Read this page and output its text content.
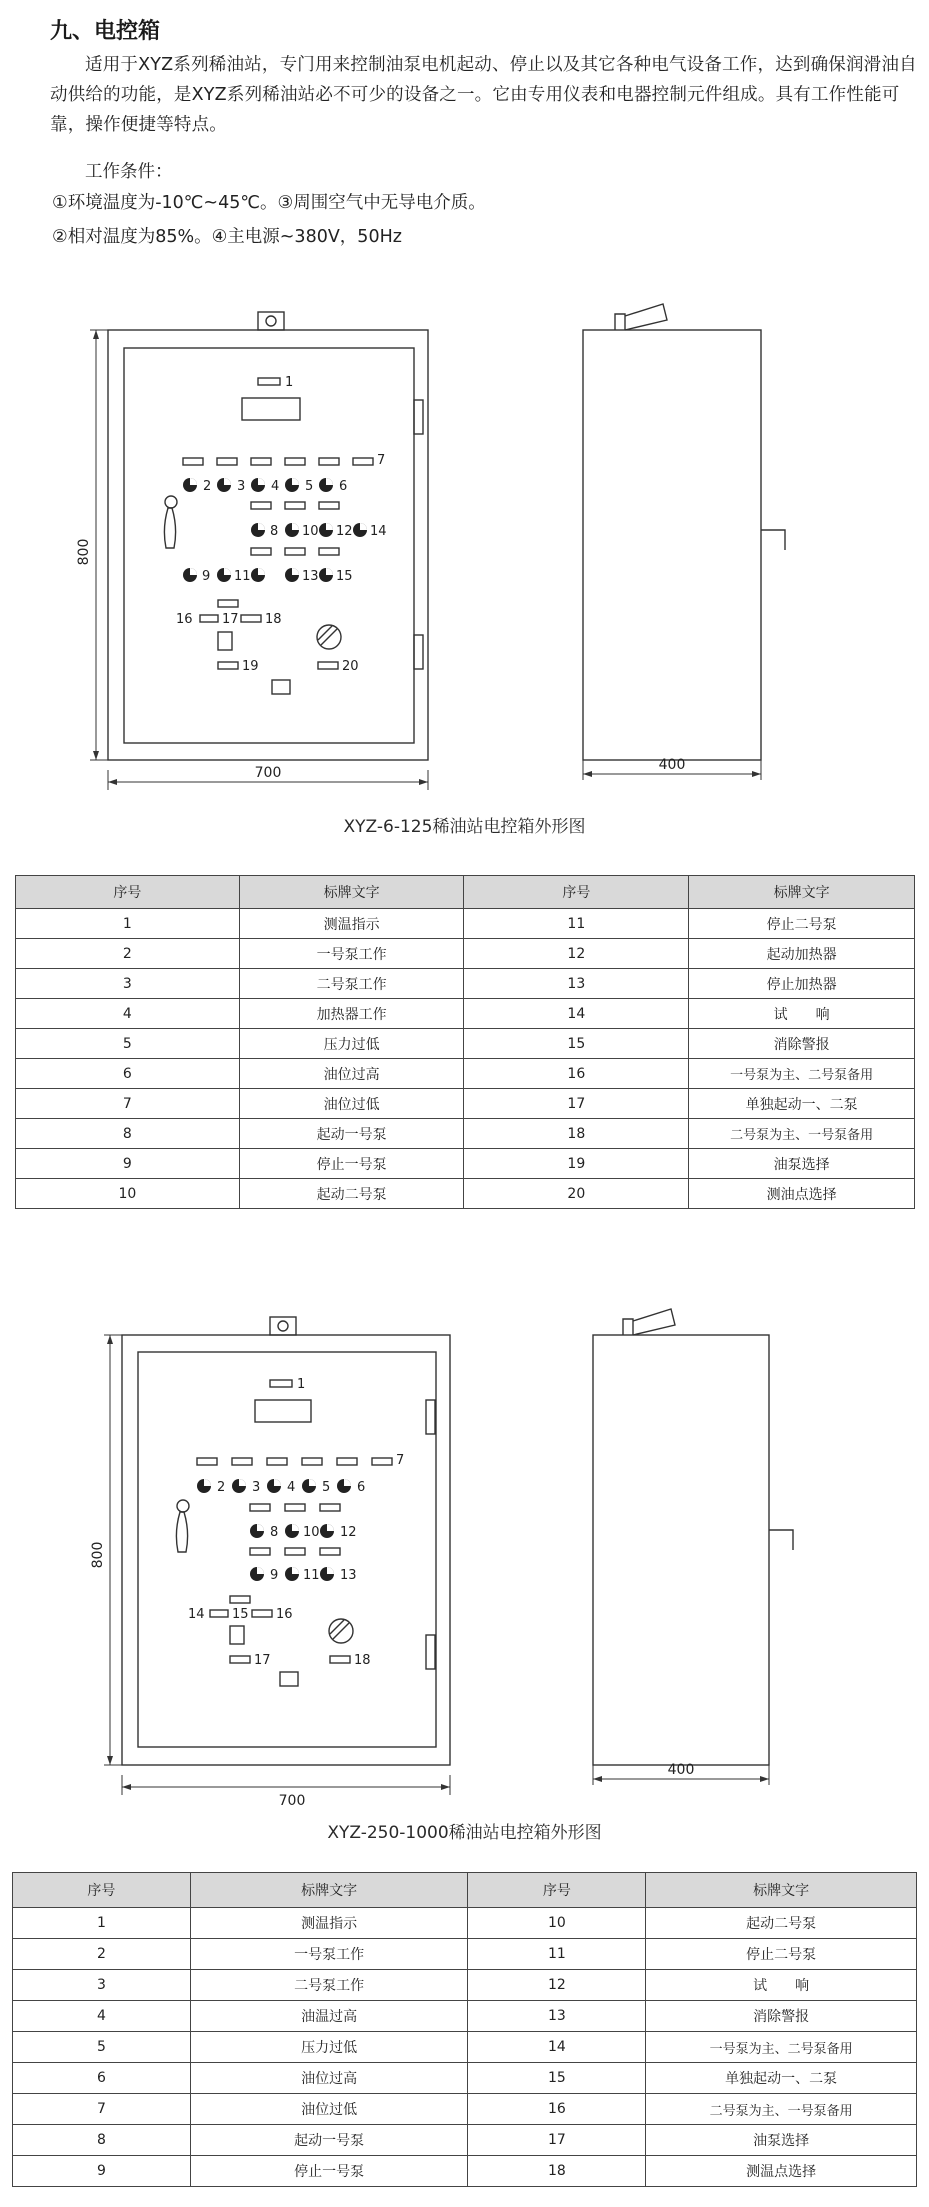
九、电控箱
适用于XYZ系列稀油站，专门用来控制油泵电机起动、停止以及其它各种电气设备工作，达到确保润滑油自动供给的功能，是XYZ系列稀油站必不可少的设备之一。它由专用仪表和电器控制元件组成。具有工作性能可靠，操作便捷等特点。
工作条件：
①环境温度为-10℃~45℃。③周围空气中无导电介质。
②相对温度为85%。④主电源~380V，50Hz
1
2 3 4 5 6
7
8 10 12 14
9 11	13 15
16 17 18
19	20
800
700	400
XYZ-6-125稀油站电控箱外形图
序号	标牌文字	序号	标牌文字
1	测温指示	11	停止二号泵
2	一号泵工作	12	起动加热器
3	二号泵工作	13	停止加热器
4	加热器工作	14	试　　响
5	压力过低	15	消除警报
6	油位过高	16	一号泵为主、二号泵备用
7	油位过低	17	单独起动一、二泵
8	起动一号泵	18	二号泵为主、一号泵备用
9	停止一号泵	19	油泵选择
10	起动二号泵	20	测油点选择
1
2 3 4 5 6
7
8 10 12
9 11 13
14 15 16
17	18
800
700
400
XYZ-250-1000稀油站电控箱外形图
序号	标牌文字	序号	标牌文字
1	测温指示	10	起动二号泵
2	一号泵工作	11	停止二号泵
3	二号泵工作	12	试　　响
4	油温过高	13	消除警报
5	压力过低	14	一号泵为主、二号泵备用
6	油位过高	15	单独起动一、二泵
7	油位过低	16	二号泵为主、一号泵备用
8	起动一号泵	17	油泵选择
9	停止一号泵	18	测温点选择
